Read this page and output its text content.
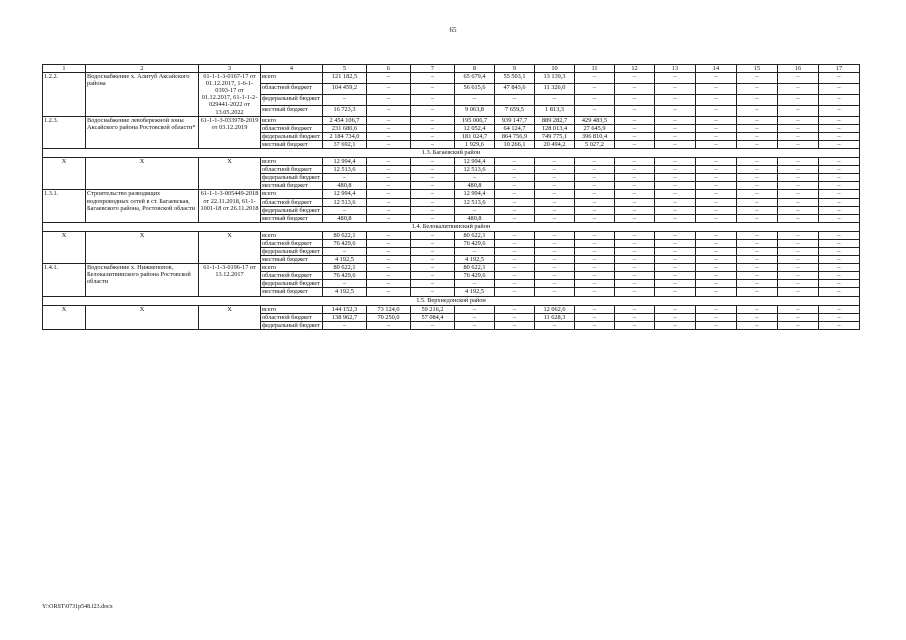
65
1	2	3	4	5	6	7	8	9	10	11	12	13	14	15	16	17
1.2.2.	Водоснабжение х. Алитуб Аксайского района	61-1-1-3-0167-17 от 01.12.2017, 1-6-1-0393-17 от 01.12.2017, 61-1-1-2-029441-2022 от 13.05.2022	всего	121 182,5	–	–	65 679,4	55 503,1	13 139,3	–	–	–	–	–	–	–
			областной бюджет	104 459,2	–	–	56 615,6	47 843,6	11 326,0	–	–	–	–	–	–	–
			федеральный бюджет	–	–	–	–	–	–	–	–	–	–	–	–	–
			местный бюджет	16 723,3	–	–	9 063,8	7 659,5	1 813,3	–	–	–	–	–	–	–
1.2.3.	Водоснабжение левобережной зоны Аксайского района Ростовской области*	61-1-1-3-033978-2019 от 03.12.2019	всего	2 454 106,7	–	–	195 006,7	939 147,7	889 282,7	429 483,5	–	–	–	–	–	–
			областной бюджет	231 680,6	–	–	12 052,4	64 124,7	128 013,4	27 645,9	–	–	–	–	–	–
			федеральный бюджет	2 184 734,0	–	–	181 024,7	864 756,9	749 775,1	396 810,4	–	–	–	–	–	–
			местный бюджет	37 692,1	–	–	1 929,6	10 266,1	20 494,2	5 027,2	–	–	–	–	–	–
1.3. Багаевский район																
Х	Х	Х	всего	12 994,4	–	–	12 994,4	–	–	–	–	–	–	–	–	–
			областной бюджет	12 513,6	–	–	12 513,6	–	–	–	–	–	–	–	–	–
			федеральный бюджет	–	–	–	–	–	–	–	–	–	–	–	–	–
			местный бюджет	480,8	–	–	480,8	–	–	–	–	–	–	–	–	–
1.3.1.	Строительство разводящих водопроводных сетей в ст. Багаевская, Багаевского района, Ростовской области	61-1-1-3-005449-2018 от 22.11.2018, 61-1-1001-18 от 26.11.2018	всего	12 994,4	–	–	12 994,4	–	–	–	–	–	–	–	–	–
			областной бюджет	12 513,6	–	–	12 513,6	–	–	–	–	–	–	–	–	–
			федеральный бюджет	–	–	–	–	–	–	–	–	–	–	–	–	–
			местный бюджет	480,8	–	–	480,8	–	–	–	–	–	–	–	–	–
1.4. Белокалитвинский район																
Х	Х	Х	всего	80 622,1	–	–	80 622,1	–	–	–	–	–	–	–	–	–
			областной бюджет	76 429,6	–	–	76 429,6	–	–	–	–	–	–	–	–	–
			федеральный бюджет	–	–	–	–	–	–	–	–	–	–	–	–	–
			местный бюджет	4 192,5	–	–	4 192,5	–	–	–	–	–	–	–	–	–
1.4.1.	Водоснабжение х. Нижнепопов, Белокалитвинского района Ростовской области	61-1-1-3-0196-17 от 13.12.2017	всего	80 622,1	–	–	80 622,1	–	–	–	–	–	–	–	–	–
			областной бюджет	76 429,6	–	–	76 429,6	–	–	–	–	–	–	–	–	–
			федеральный бюджет	–	–	–	–	–	–	–	–	–	–	–	–	–
			местный бюджет	4 192,5	–	–	4 192,5	–	–	–	–	–	–	–	–	–
1.5. Верхнедонской район																
Х	Х	Х	всего	144 152,3	73 124,0	59 216,2	–	–	12 062,6	–	–	–	–	–	–	–
			областной бюджет	138 962,7	70 250,0	57 084,4	–	–	11 628,3	–	–	–	–	–	–	–
			федеральный бюджет	–	–	–	–	–	–	–	–	–	–	–	–	–
Y:\ORST\0731p548.f23.docx
